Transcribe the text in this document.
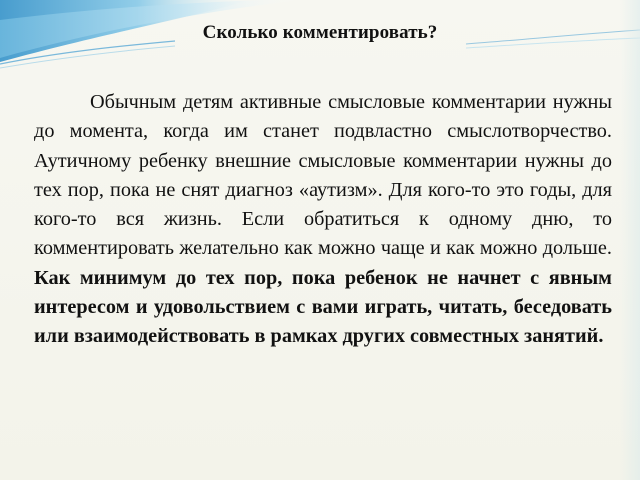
Сколько комментировать?

Обычным детям активные смысловые комментарии нужны до момента, когда им станет подвластно смыслотворчество. Аутичному ребенку внешние смысловые комментарии нужны до тех пор, пока не снят диагноз «аутизм». Для кого-то это годы, для кого-то вся жизнь. Если обратиться к одному дню, то комментировать желательно как можно чаще и как можно дольше. Как минимум до тех пор, пока ребенок не начнет с явным интересом и удовольствием с вами играть, читать, беседовать или взаимодействовать в рамках других совместных занятий.
